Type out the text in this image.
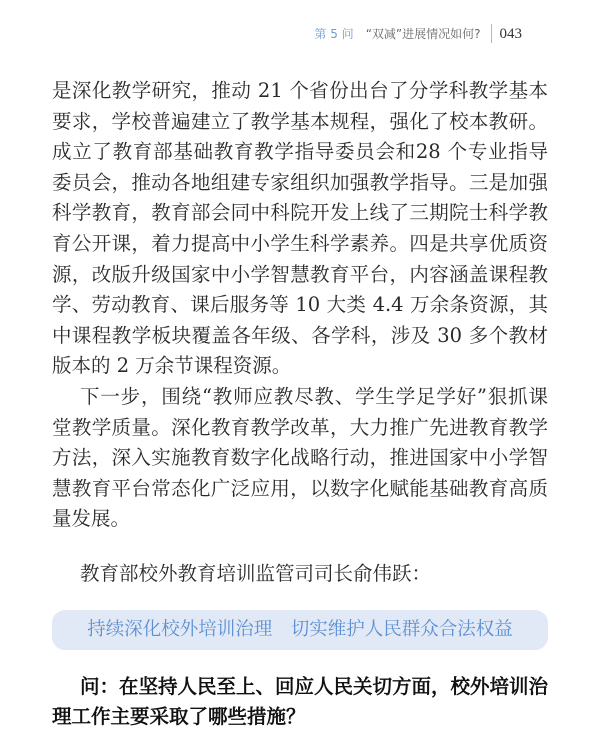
第 5 问 “双减”进展情况如何? 043

是深化教学研究，推动 21 个省份出台了分学科教学基本要求，学校普遍建立了教学基本规程，强化了校本教研。成立了教育部基础教育教学指导委员会和28 个专业指导委员会，推动各地组建专家组织加强教学指导。三是加强科学教育，教育部会同中科院开发上线了三期院士科学教育公开课，着力提高中小学生科学素养。四是共享优质资源，改版升级国家中小学智慧教育平台，内容涵盖课程教学、劳动教育、课后服务等 10 大类 4.4 万余条资源，其中课程教学板块覆盖各年级、各学科，涉及 30 多个教材版本的 2 万余节课程资源。

下一步，围绕“教师应教尽教、学生学足学好”狠抓课堂教学质量。深化教育教学改革，大力推广先进教育教学方法，深入实施教育数字化战略行动，推进国家中小学智慧教育平台常态化广泛应用，以数字化赋能基础教育高质量发展。

教育部校外教育培训监管司司长俞伟跃：

持续深化校外培训治理　切实维护人民群众合法权益

问：在坚持人民至上、回应人民关切方面，校外培训治理工作主要采取了哪些措施？
